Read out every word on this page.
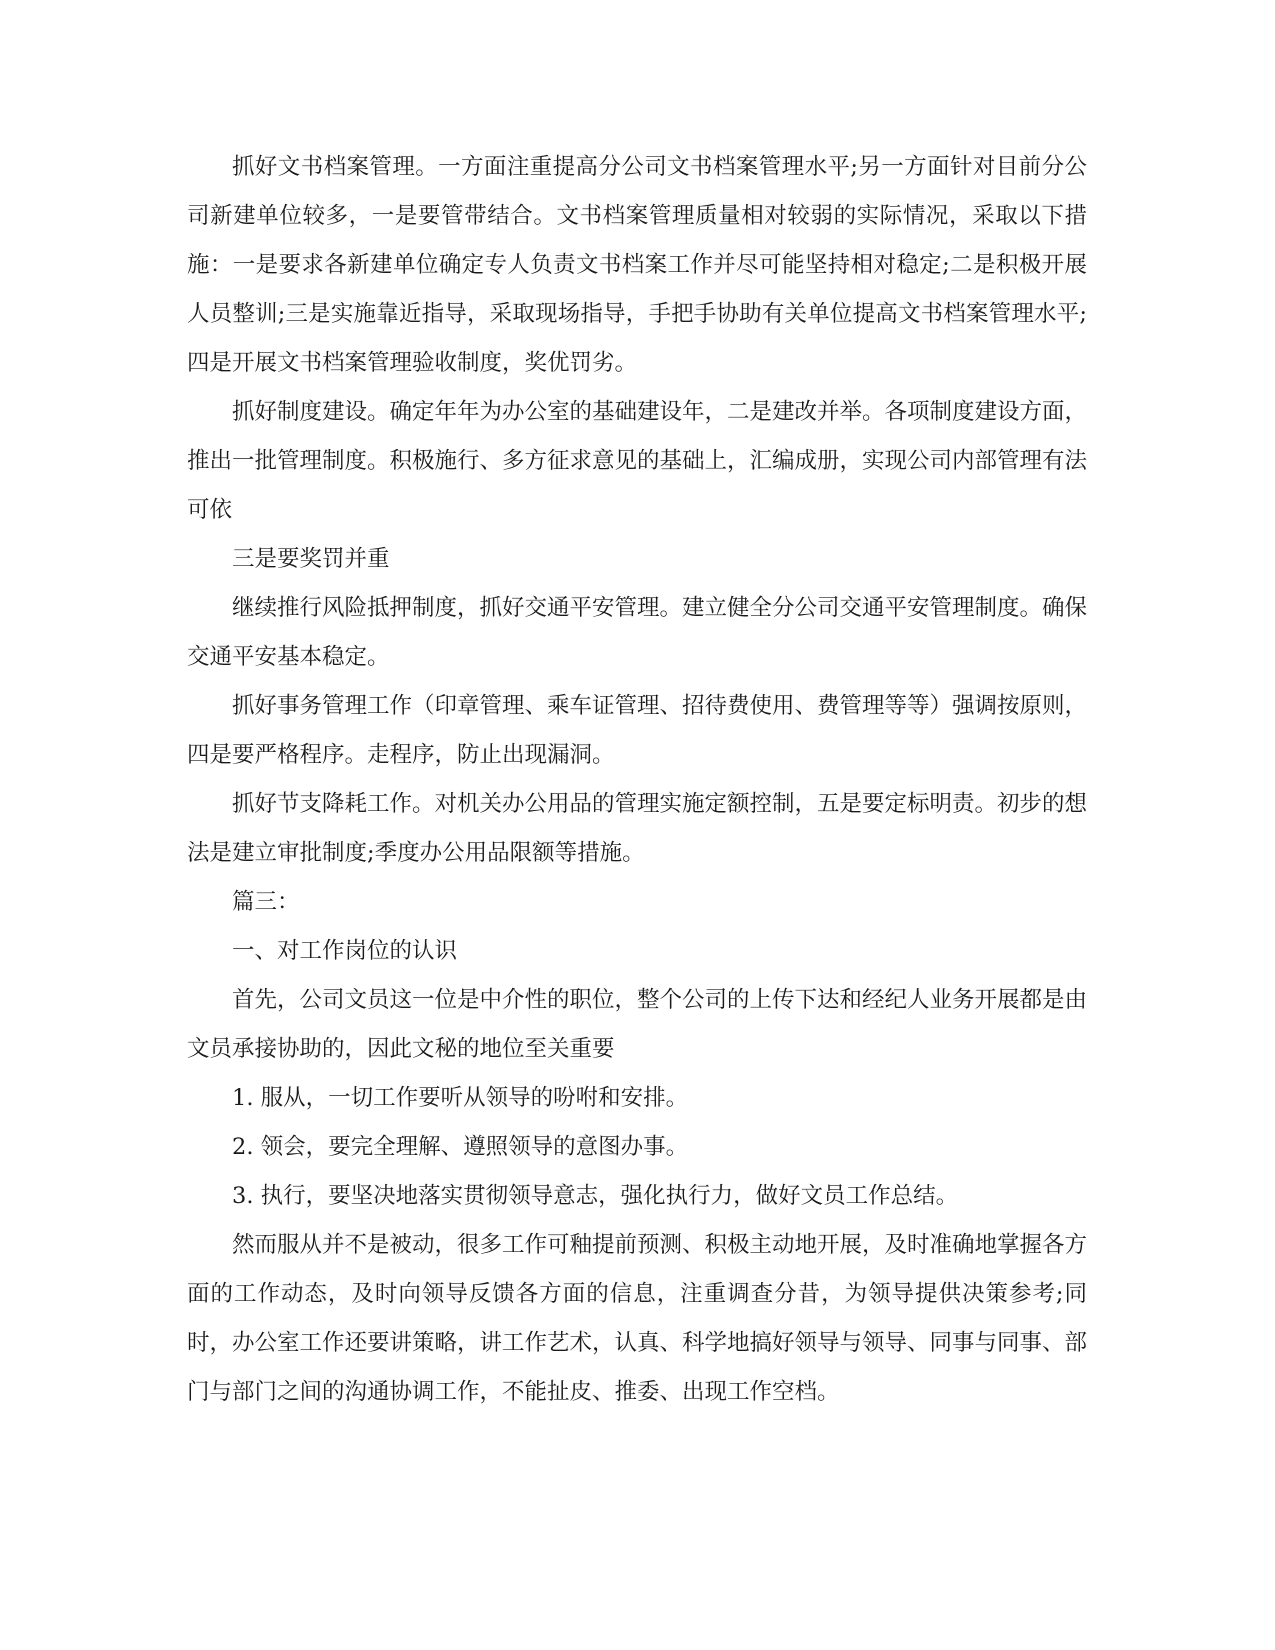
抓好文书档案管理。一方面注重提高分公司文书档案管理水平;另一方面针对目前分公司新建单位较多，一是要管带结合。文书档案管理质量相对较弱的实际情况，采取以下措施：一是要求各新建单位确定专人负责文书档案工作并尽可能坚持相对稳定;二是积极开展人员整训;三是实施靠近指导，采取现场指导，手把手协助有关单位提高文书档案管理水平;四是开展文书档案管理验收制度，奖优罚劣。

抓好制度建设。确定年年为办公室的基础建设年，二是建改并举。各项制度建设方面，推出一批管理制度。积极施行、多方征求意见的基础上，汇编成册，实现公司内部管理有法可依

三是要奖罚并重

继续推行风险抵押制度，抓好交通平安管理。建立健全分公司交通平安管理制度。确保交通平安基本稳定。

抓好事务管理工作（印章管理、乘车证管理、招待费使用、费管理等等）强调按原则，四是要严格程序。走程序，防止出现漏洞。

抓好节支降耗工作。对机关办公用品的管理实施定额控制，五是要定标明责。初步的想法是建立审批制度;季度办公用品限额等措施。

篇三：

一、对工作岗位的认识

首先，公司文员这一位是中介性的职位，整个公司的上传下达和经纪人业务开展都是由文员承接协助的，因此文秘的地位至关重要

1. 服从，一切工作要听从领导的吩咐和安排。

2. 领会，要完全理解、遵照领导的意图办事。

3. 执行，要坚决地落实贯彻领导意志，强化执行力，做好文员工作总结。

然而服从并不是被动，很多工作可釉提前预测、积极主动地开展，及时准确地掌握各方面的工作动态，及时向领导反馈各方面的信息，注重调查分昔，为领导提供决策参考;同时，办公室工作还要讲策略，讲工作艺术，认真、科学地搞好领导与领导、同事与同事、部门与部门之间的沟通协调工作，不能扯皮、推委、出现工作空档。
